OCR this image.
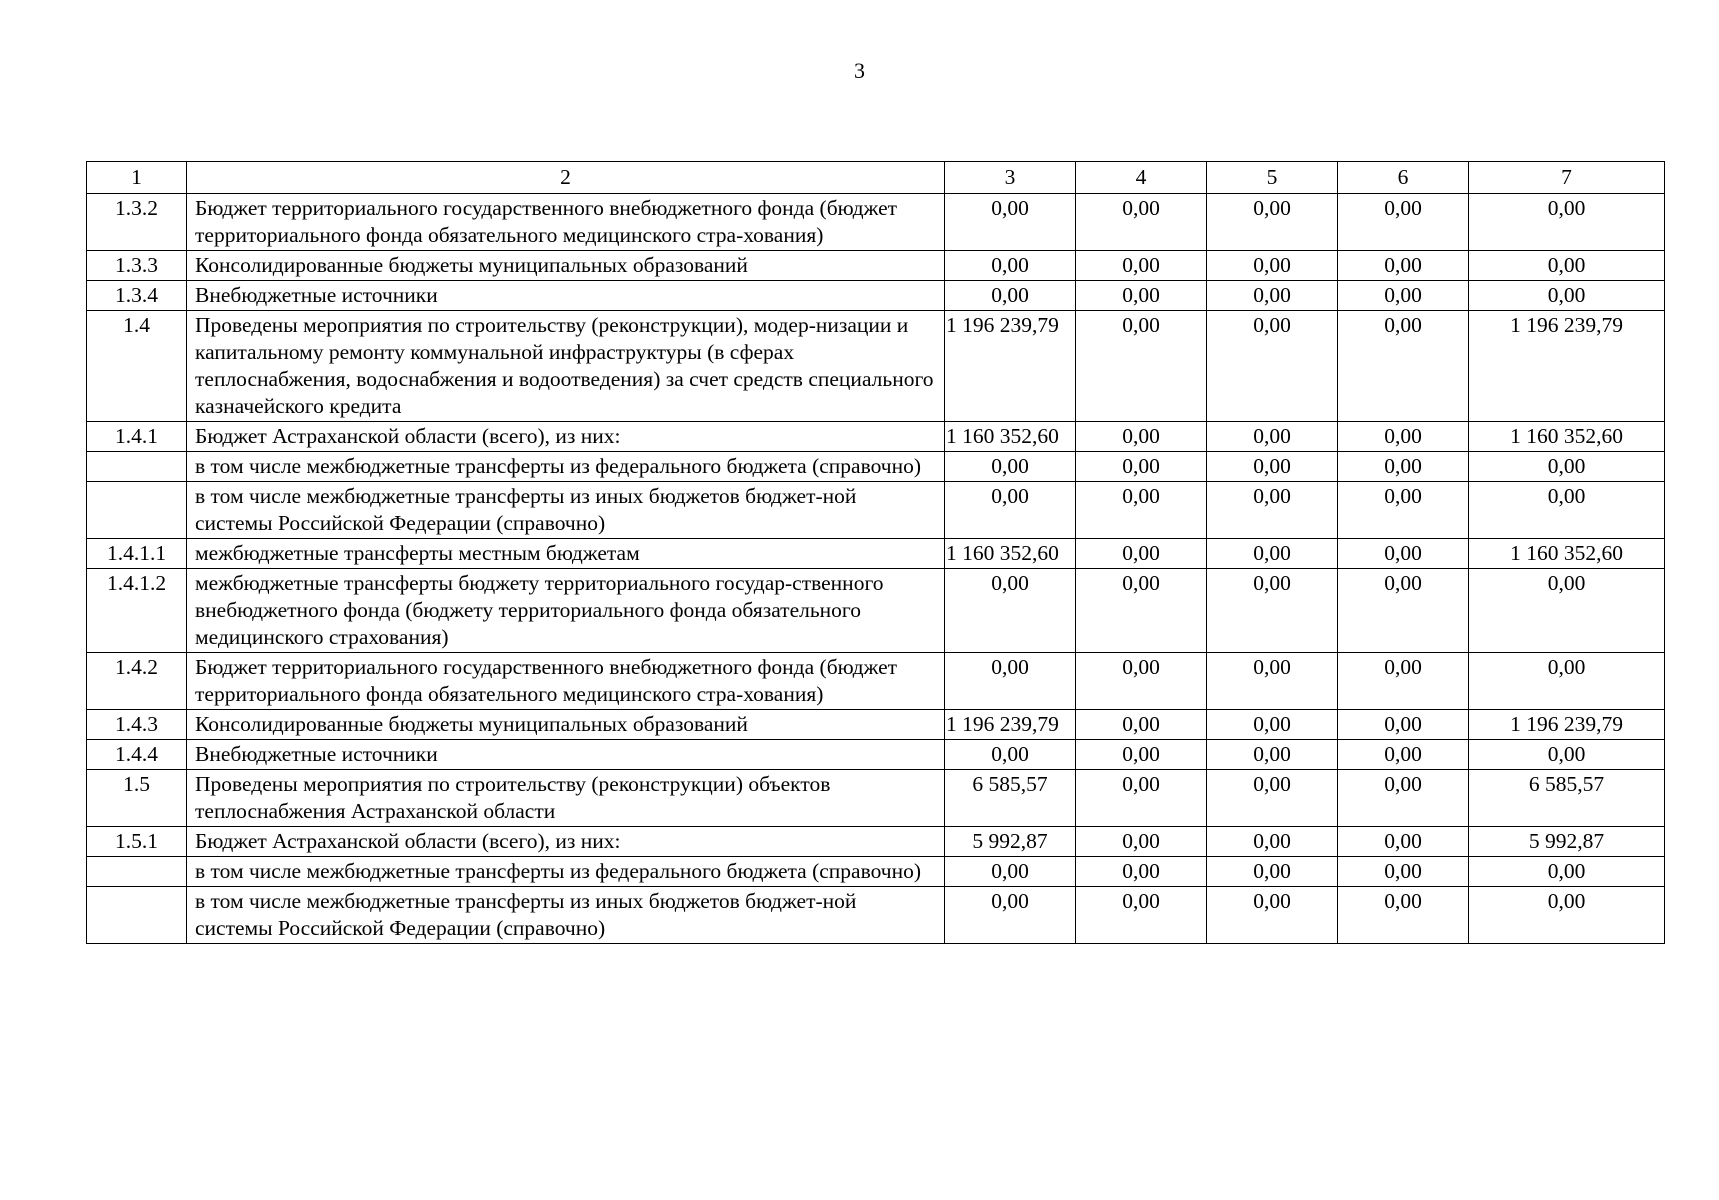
3
1	2	3	4	5	6	7
1.3.2	Бюджет территориального государственного внебюджетного фонда (бюджет территориального фонда обязательного медицинского стра-хования)	0,00	0,00	0,00	0,00	0,00
1.3.3	Консолидированные бюджеты муниципальных образований	0,00	0,00	0,00	0,00	0,00
1.3.4	Внебюджетные источники	0,00	0,00	0,00	0,00	0,00
1.4	Проведены мероприятия по строительству (реконструкции), модер-низации и капитальному ремонту коммунальной инфраструктуры (в сферах теплоснабжения, водоснабжения и водоотведения) за счет средств специального казначейского кредита	1 196 239,79	0,00	0,00	0,00	1 196 239,79
1.4.1	Бюджет Астраханской области (всего), из них:	1 160 352,60	0,00	0,00	0,00	1 160 352,60
	в том числе межбюджетные трансферты из федерального бюджета (справочно)	0,00	0,00	0,00	0,00	0,00
	в том числе межбюджетные трансферты из иных бюджетов бюджет-ной системы Российской Федерации (справочно)	0,00	0,00	0,00	0,00	0,00
1.4.1.1	межбюджетные трансферты местным бюджетам	1 160 352,60	0,00	0,00	0,00	1 160 352,60
1.4.1.2	межбюджетные трансферты бюджету территориального государ-ственного внебюджетного фонда (бюджету территориального фонда обязательного медицинского страхования)	0,00	0,00	0,00	0,00	0,00
1.4.2	Бюджет территориального государственного внебюджетного фонда (бюджет территориального фонда обязательного медицинского стра-хования)	0,00	0,00	0,00	0,00	0,00
1.4.3	Консолидированные бюджеты муниципальных образований	1 196 239,79	0,00	0,00	0,00	1 196 239,79
1.4.4	Внебюджетные источники	0,00	0,00	0,00	0,00	0,00
1.5	Проведены мероприятия по строительству (реконструкции) объектов теплоснабжения Астраханской области	6 585,57	0,00	0,00	0,00	6 585,57
1.5.1	Бюджет Астраханской области (всего), из них:	5 992,87	0,00	0,00	0,00	5 992,87
	в том числе межбюджетные трансферты из федерального бюджета (справочно)	0,00	0,00	0,00	0,00	0,00
	в том числе межбюджетные трансферты из иных бюджетов бюджет-ной системы Российской Федерации (справочно)	0,00	0,00	0,00	0,00	0,00
